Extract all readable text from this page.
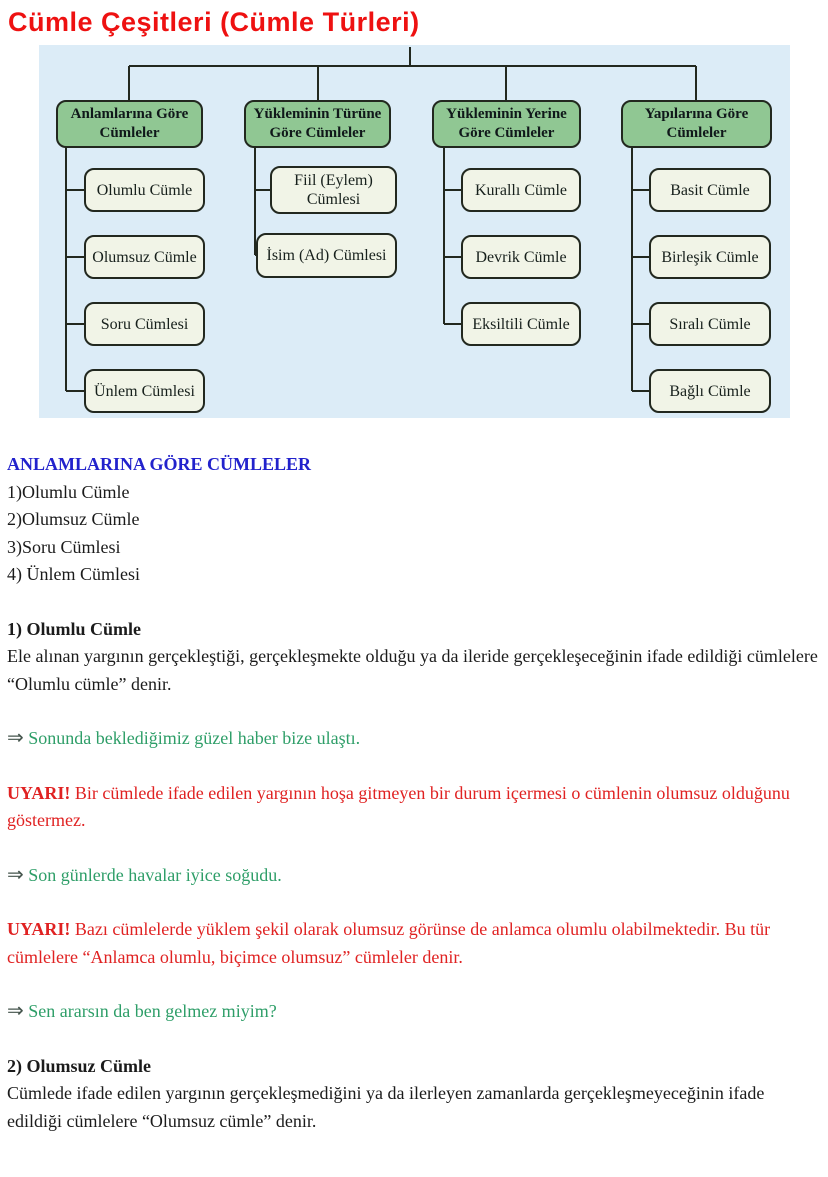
Cümle Çeşitleri (Cümle Türleri)
Anlamlarına Göre Cümleler
Yükleminin Türüne Göre Cümleler
Yükleminin Yerine Göre Cümleler
Yapılarına Göre Cümleler
Olumlu Cümle
Olumsuz Cümle
Soru Cümlesi
Ünlem Cümlesi
Fiil (Eylem) Cümlesi
İsim (Ad) Cümlesi
Kurallı Cümle
Devrik Cümle
Eksiltili Cümle
Basit Cümle
Birleşik Cümle
Sıralı Cümle
Bağlı Cümle
ANLAMLARINA GÖRE CÜMLELER
1)Olumlu Cümle
2)Olumsuz Cümle
3)Soru Cümlesi
4) Ünlem Cümlesi
1) Olumlu Cümle
Ele alınan yargının gerçekleştiği, gerçekleşmekte olduğu ya da ileride gerçekleşeceğinin ifade edildiği cümlelere “Olumlu cümle” denir.
⇒ Sonunda beklediğimiz güzel haber bize ulaştı.
UYARI! Bir cümlede ifade edilen yargının hoşa gitmeyen bir durum içermesi o cümlenin olumsuz olduğunu göstermez.
⇒ Son günlerde havalar iyice soğudu.
UYARI! Bazı cümlelerde yüklem şekil olarak olumsuz görünse de anlamca olumlu olabilmektedir. Bu tür cümlelere “Anlamca olumlu, biçimce olumsuz” cümleler denir.
⇒ Sen ararsın da ben gelmez miyim?
2) Olumsuz Cümle
Cümlede ifade edilen yargının gerçekleşmediğini ya da ilerleyen zamanlarda gerçekleşmeyeceğinin ifade edildiği cümlelere “Olumsuz cümle” denir.
